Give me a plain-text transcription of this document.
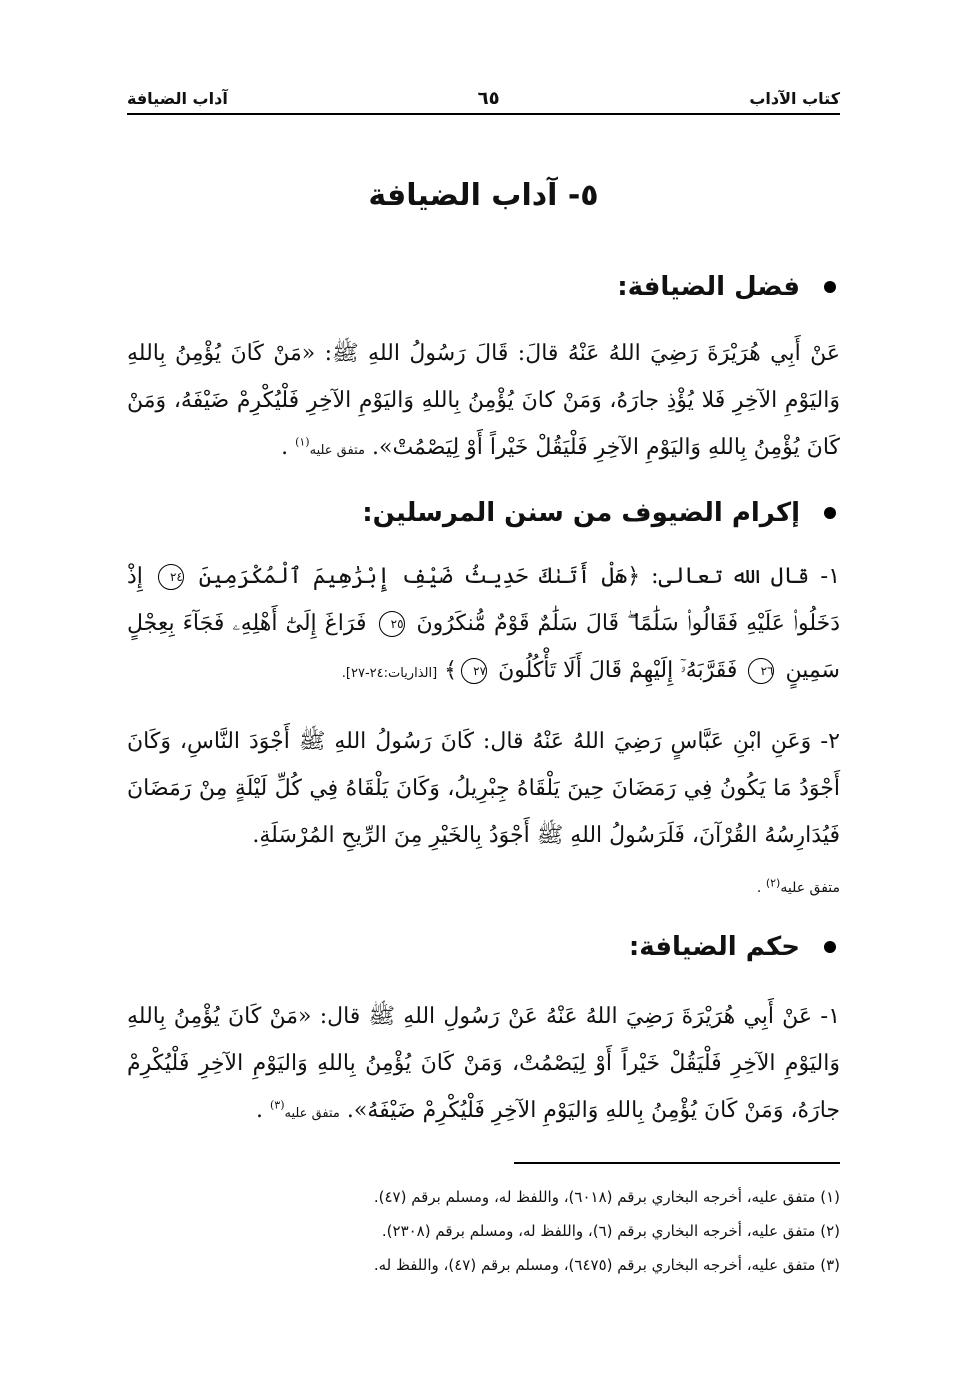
كتاب الآداب
٦٥
آداب الضيافة
٥- آداب الضيافة
فضل الضيافة:
عَنْ أَبِي هُرَيْرَةَ رَضِيَ اللهُ عَنْهُ قالَ: قَالَ رَسُولُ اللهِ ﷺ: «مَنْ كَانَ يُؤْمِنُ بِاللهِ وَاليَوْمِ الآخِرِ فَلا يُؤْذِ جارَهُ، وَمَنْ كانَ يُؤْمِنُ بِاللهِ وَاليَوْمِ الآخِرِ فَلْيُكْرِمْ ضَيْفَهُ، وَمَنْ كَانَ يُؤْمِنُ بِاللهِ وَاليَوْمِ الآخِرِ فَلْيَقُلْ خَيْراً أَوْ لِيَصْمُتْ». متفق عليه$^{(١)}$ .
إكرام الضيوف من سنن المرسلين:
١- قال الله تعالى: ﴿هَلْ أَتَىٰكَ حَدِيثُ ضَيْفِ إِبْرَٰهِيمَ ٱلْمُكْرَمِينَ ٢٤ إِذْ دَخَلُوا۟ عَلَيْهِ فَقَالُوا۟ سَلَٰمًا ۖ قَالَ سَلَٰمٌ قَوْمٌ مُّنكَرُونَ ٢٥ فَرَاغَ إِلَىٰٓ أَهْلِهِۦ فَجَآءَ بِعِجْلٍ سَمِينٍ ٢٦ فَقَرَّبَهُۥٓ إِلَيْهِمْ قَالَ أَلَا تَأْكُلُونَ ٢٧﴾ [الذاريات:٢٤-٢٧].
٢- وَعَنِ ابْنِ عَبَّاسٍ رَضِيَ اللهُ عَنْهُ قال: كَانَ رَسُولُ اللهِ ﷺ أَجْوَدَ النَّاسِ، وَكَانَ أَجْوَدُ مَا يَكُونُ فِي رَمَضَانَ حِينَ يَلْقَاهُ جِبْرِيلُ، وَكَانَ يَلْقَاهُ فِي كُلِّ لَيْلَةٍ مِنْ رَمَضَانَ فَيُدَارِسُهُ القُرْآنَ، فَلَرَسُولُ اللهِ ﷺ أَجْوَدُ بِالخَيْرِ مِنَ الرِّيحِ المُرْسَلَةِ.
متفق عليه$^{(٢)}$ .
حكم الضيافة:
١- عَنْ أَبِي هُرَيْرَةَ رَضِيَ اللهُ عَنْهُ عَنْ رَسُولِ اللهِ ﷺ قال: «مَنْ كَانَ يُؤْمِنُ بِاللهِ وَاليَوْمِ الآخِرِ فَلْيَقُلْ خَيْراً أَوْ لِيَصْمُتْ، وَمَنْ كَانَ يُؤْمِنُ بِاللهِ وَاليَوْمِ الآخِرِ فَلْيُكْرِمْ جارَهُ، وَمَنْ كَانَ يُؤْمِنُ بِاللهِ وَاليَوْمِ الآخِرِ فَلْيُكْرِمْ ضَيْفَهُ». متفق عليه$^{(٣)}$ .
(١) متفق عليه، أخرجه البخاري برقم (٦٠١٨)، واللفظ له، ومسلم برقم (٤٧).
(٢) متفق عليه، أخرجه البخاري برقم (٦)، واللفظ له، ومسلم برقم (٢٣٠٨).
(٣) متفق عليه، أخرجه البخاري برقم (٦٤٧٥)، ومسلم برقم (٤٧)، واللفظ له.
